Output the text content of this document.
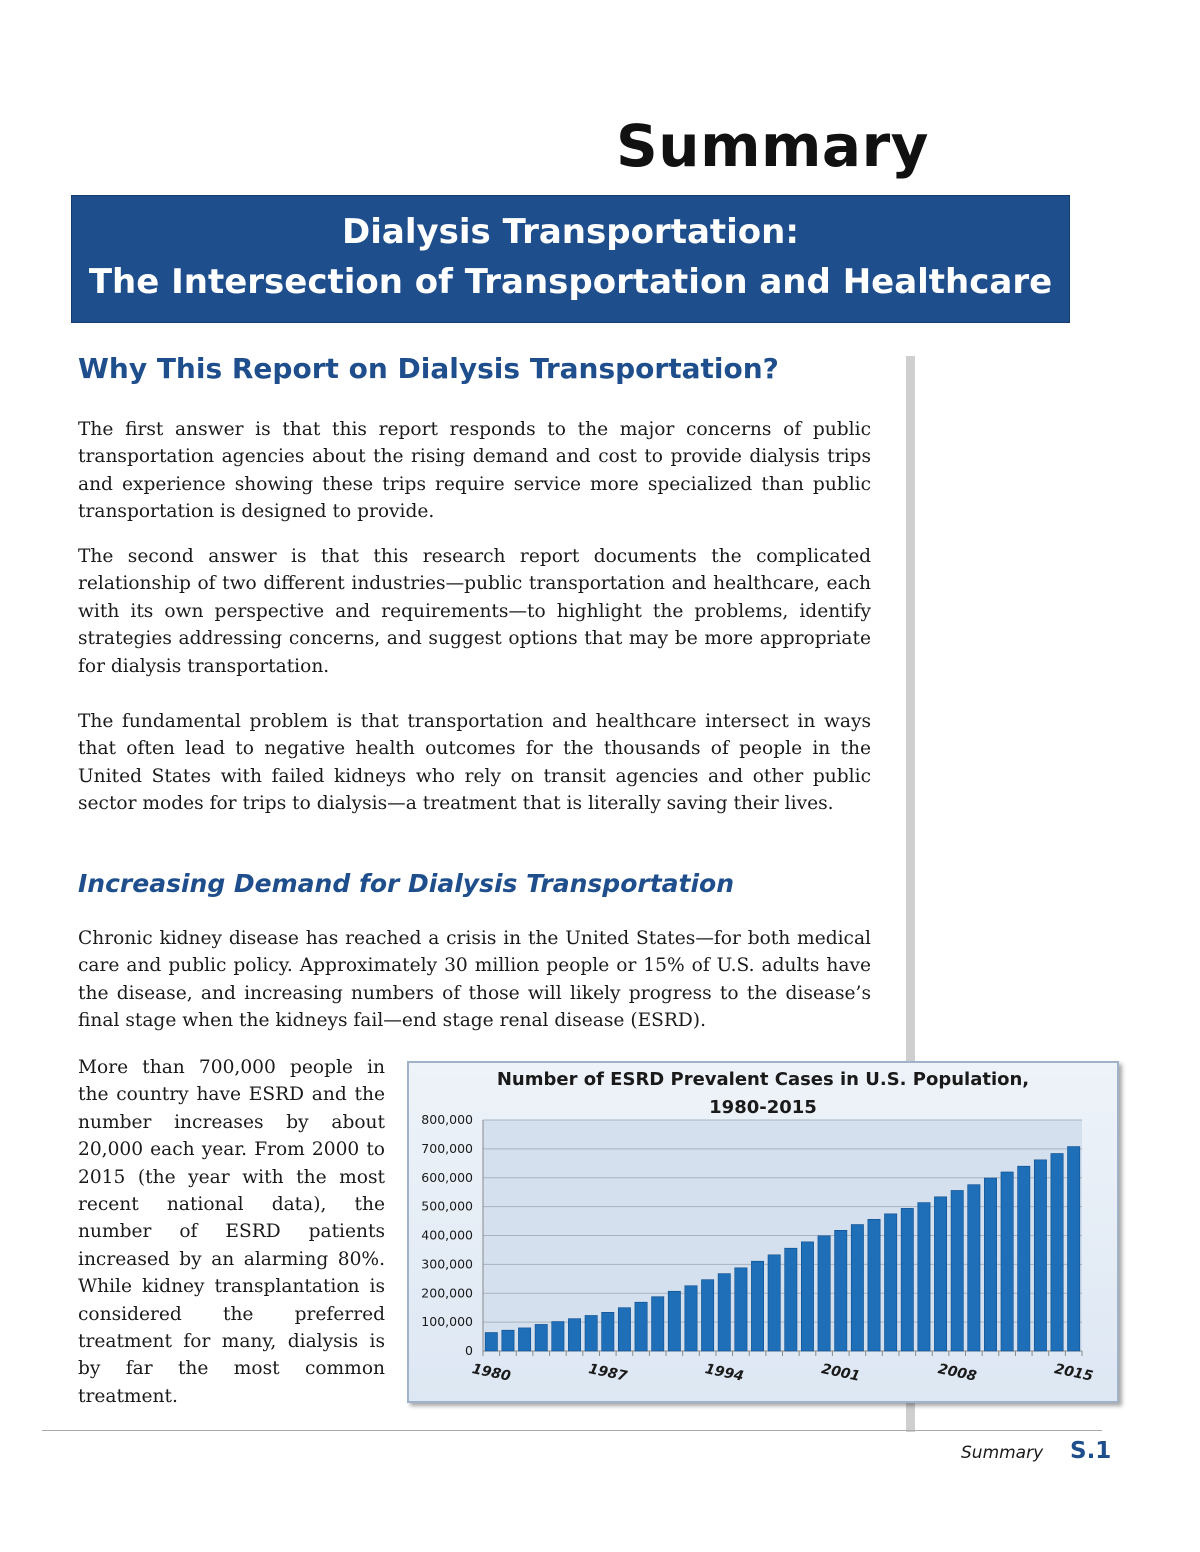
Summary
Dialysis Transportation:
The Intersection of Transportation and Healthcare
Why This Report on Dialysis Transportation?

The first answer is that this report responds to the major concerns of public transportation agencies about the rising demand and cost to provide dialysis trips and experience showing these trips require service more specialized than public transportation is designed to provide.

The second answer is that this research report documents the complicated relationship of two different industries—public transportation and healthcare, each with its own perspective and requirements—to highlight the problems, identify strategies addressing concerns, and suggest options that may be more appropriate for dialysis transportation.

The fundamental problem is that transportation and healthcare intersect in ways that often lead to negative health outcomes for the thousands of people in the United States with failed kidneys who rely on transit agencies and other public sector modes for trips to dialysis—a treatment that is literally saving their lives.

Increasing Demand for Dialysis Transportation

Chronic kidney disease has reached a crisis in the United States—for both medical care and public policy. Approximately 30 million people or 15% of U.S. adults have the disease, and increasing numbers of those will likely progress to the disease’s final stage when the kidneys fail—end stage renal disease (ESRD).

More than 700,000 people in the country have ESRD and the number increases by about 20,000 each year. From 2000 to 2015 (the year with the most recent national data), the number of ESRD patients increased by an alarming 80%. While kidney transplantation is considered the preferred treatment for many, dialysis is by far the most common treatment.

0
100,000
200,000
300,000
400,000
500,000
600,000
700,000
800,000
1980	1987	1994	2001	2008	2015
Number of ESRD Prevalent Cases in U.S. Population,
1980-2015
Summary S.1
